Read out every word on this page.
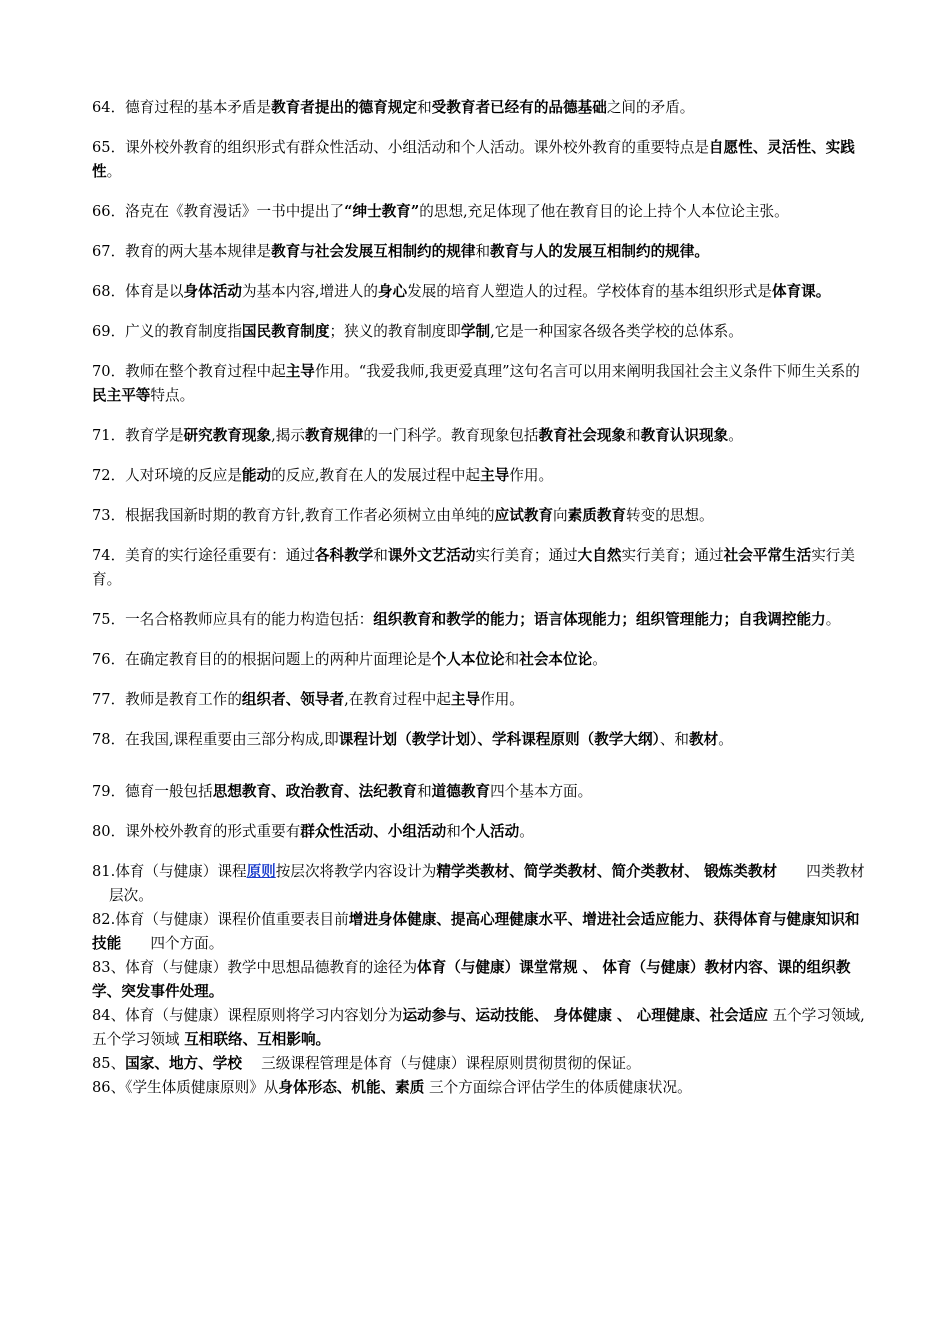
64．德育过程的基本矛盾是教育者提出的德育规定和受教育者已经有的品德基础之间的矛盾。

65．课外校外教育的组织形式有群众性活动、小组活动和个人活动。课外校外教育的重要特点是自愿性、灵活性、实践性。

66．洛克在《教育漫话》一书中提出了“绅士教育”的思想,充足体现了他在教育目的论上持个人本位论主张。

67．教育的两大基本规律是教育与社会发展互相制约的规律和教育与人的发展互相制约的规律。

68．体育是以身体活动为基本内容,增进人的身心发展的培育人塑造人的过程。学校体育的基本组织形式是体育课。

69．广义的教育制度指国民教育制度；狭义的教育制度即学制,它是一种国家各级各类学校的总体系。

70．教师在整个教育过程中起主导作用。“我爱我师,我更爱真理”这句名言可以用来阐明我国社会主义条件下师生关系的民主平等特点。

71．教育学是研究教育现象,揭示教育规律的一门科学。教育现象包括教育社会现象和教育认识现象。

72．人对环境的反应是能动的反应,教育在人的发展过程中起主导作用。

73．根据我国新时期的教育方针,教育工作者必须树立由单纯的应试教育向素质教育转变的思想。

74．美育的实行途径重要有：通过各科教学和课外文艺活动实行美育；通过大自然实行美育；通过社会平常生活实行美育。

75．一名合格教师应具有的能力构造包括：组织教育和教学的能力；语言体现能力；组织管理能力；自我调控能力。

76．在确定教育目的的根据问题上的两种片面理论是个人本位论和社会本位论。

77．教师是教育工作的组织者、领导者,在教育过程中起主导作用。

78．在我国,课程重要由三部分构成,即课程计划（教学计划）、学科课程原则（教学大纲）、和教材。

79．德育一般包括思想教育、政治教育、法纪教育和道德教育四个基本方面。

80．课外校外教育的形式重要有群众性活动、小组活动和个人活动。

81.体育（与健康）课程原则按层次将教学内容设计为精学类教材、简学类教材、简介类教材、 锻炼类教材　　四类教材层次。

82.体育（与健康）课程价值重要表目前增进身体健康、提高心理健康水平、增进社会适应能力、获得体育与健康知识和技能　　四个方面。

83、体育（与健康）教学中思想品德教育的途径为体育（与健康）课堂常规 、 体育（与健康）教材内容、课的组织教学、突发事件处理。

84、体育（与健康）课程原则将学习内容划分为运动参与、运动技能、 身体健康 、 心理健康、社会适应 五个学习领域,五个学习领域 互相联络、互相影响。

85、国家、地方、学校　 三级课程管理是体育（与健康）课程原则贯彻贯彻的保证。

86、《学生体质健康原则》从身体形态、机能、素质 三个方面综合评估学生的体质健康状况。
